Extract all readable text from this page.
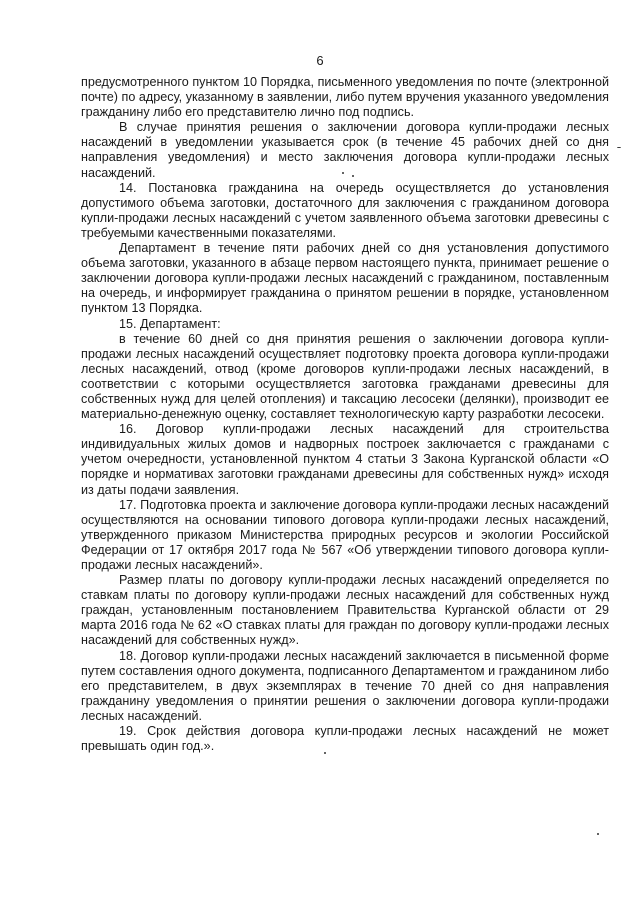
6

предусмотренного пунктом 10 Порядка, письменного уведомления по почте (электронной почте) по адресу, указанному в заявлении, либо путем вручения указанного уведомления гражданину либо его представителю лично под подпись.

В случае принятия решения о заключении договора купли-продажи лесных насаждений в уведомлении указывается срок (в течение 45 рабочих дней со дня направления уведомления) и место заключения договора купли-продажи лесных насаждений.

14. Постановка гражданина на очередь осуществляется до установления допустимого объема заготовки, достаточного для заключения с гражданином договора купли-продажи лесных насаждений с учетом заявленного объема заготовки древесины с требуемыми качественными показателями.

Департамент в течение пяти рабочих дней со дня установления допустимого объема заготовки, указанного в абзаце первом настоящего пункта, принимает решение о заключении договора купли-продажи лесных насаждений с гражданином, поставленным на очередь, и информирует гражданина о принятом решении в порядке, установленном пунктом 13 Порядка.

15. Департамент:

в течение 60 дней со дня принятия решения о заключении договора купли-продажи лесных насаждений осуществляет подготовку проекта договора купли-продажи лесных насаждений, отвод (кроме договоров купли-продажи лесных насаждений, в соответствии с которыми осуществляется заготовка гражданами древесины для собственных нужд для целей отопления) и таксацию лесосеки (делянки), производит ее материально-денежную оценку, составляет технологическую карту разработки лесосеки.

16. Договор купли-продажи лесных насаждений для строительства индивидуальных жилых домов и надворных построек заключается с гражданами с учетом очередности, установленной пунктом 4 статьи 3 Закона Курганской области «О порядке и нормативах заготовки гражданами древесины для собственных нужд» исходя из даты подачи заявления.

17. Подготовка проекта и заключение договора купли-продажи лесных насаждений осуществляются на основании типового договора купли-продажи лесных насаждений, утвержденного приказом Министерства природных ресурсов и экологии Российской Федерации от 17 октября 2017 года № 567 «Об утверждении типового договора купли-продажи лесных насаждений».

Размер платы по договору купли-продажи лесных насаждений определяется по ставкам платы по договору купли-продажи лесных насаждений для собственных нужд граждан, установленным постановлением Правительства Курганской области от 29 марта 2016 года № 62 «О ставках платы для граждан по договору купли-продажи лесных насаждений для собственных нужд».

18. Договор купли-продажи лесных насаждений заключается в письменной форме путем составления одного документа, подписанного Департаментом и гражданином либо его представителем, в двух экземплярах в течение 70 дней со дня направления гражданину уведомления о принятии решения о заключении договора купли-продажи лесных насаждений.

19. Срок действия договора купли-продажи лесных насаждений не может превышать один год.».
